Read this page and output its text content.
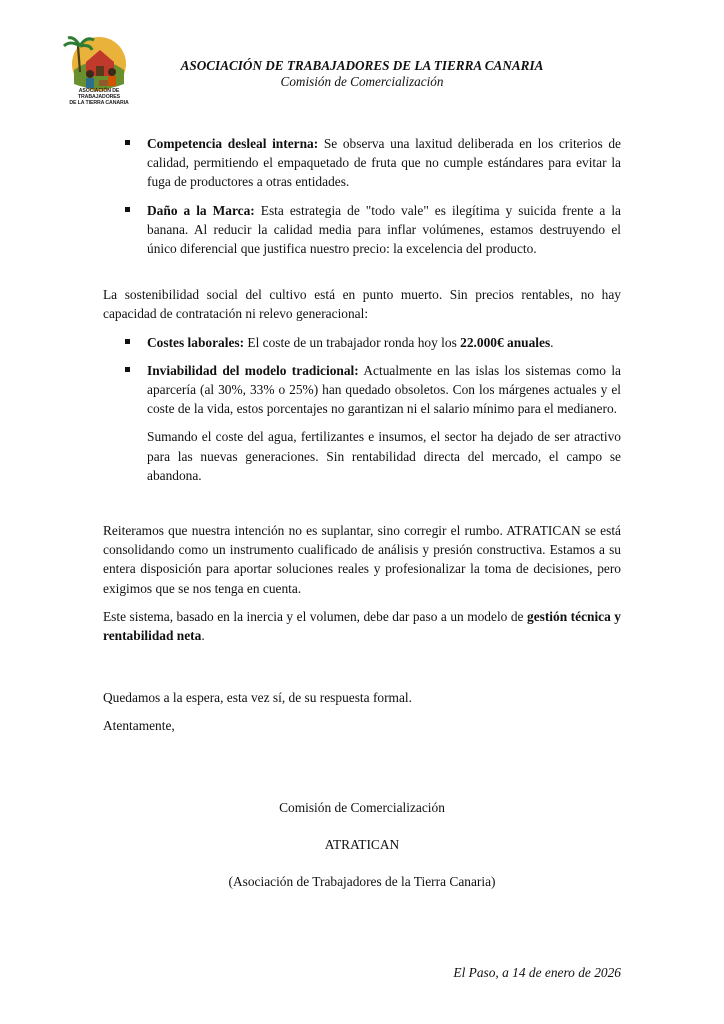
ASOCIACIÓN DE TRABAJADORES
DE LA TIERRA CANARIA
ASOCIACIÓN DE TRABAJADORES DE LA TIERRA CANARIA
Comisión de Comercialización
Competencia desleal interna: Se observa una laxitud deliberada en los criterios de calidad, permitiendo el empaquetado de fruta que no cumple estándares para evitar la fuga de productores a otras entidades.
Daño a la Marca: Esta estrategia de "todo vale" es ilegítima y suicida frente a la banana. Al reducir la calidad media para inflar volúmenes, estamos destruyendo el único diferencial que justifica nuestro precio: la excelencia del producto.

La sostenibilidad social del cultivo está en punto muerto. Sin precios rentables, no hay capacidad de contratación ni relevo generacional:

Costes laborales: El coste de un trabajador ronda hoy los 22.000€ anuales.
Inviabilidad del modelo tradicional: Actualmente en las islas los sistemas como la aparcería (al 30%, 33% o 25%) han quedado obsoletos. Con los márgenes actuales y el coste de la vida, estos porcentajes no garantizan ni el salario mínimo para el medianero.

Sumando el coste del agua, fertilizantes e insumos, el sector ha dejado de ser atractivo para las nuevas generaciones. Sin rentabilidad directa del mercado, el campo se abandona.

Reiteramos que nuestra intención no es suplantar, sino corregir el rumbo. ATRATICAN se está consolidando como un instrumento cualificado de análisis y presión constructiva. Estamos a su entera disposición para aportar soluciones reales y profesionalizar la toma de decisiones, pero exigimos que se nos tenga en cuenta.

Este sistema, basado en la inercia y el volumen, debe dar paso a un modelo de gestión técnica y rentabilidad neta.

Quedamos a la espera, esta vez sí, de su respuesta formal.

Atentamente,

Comisión de Comercialización
ATRATICAN
(Asociación de Trabajadores de la Tierra Canaria)
El Paso, a 14 de enero de 2026
